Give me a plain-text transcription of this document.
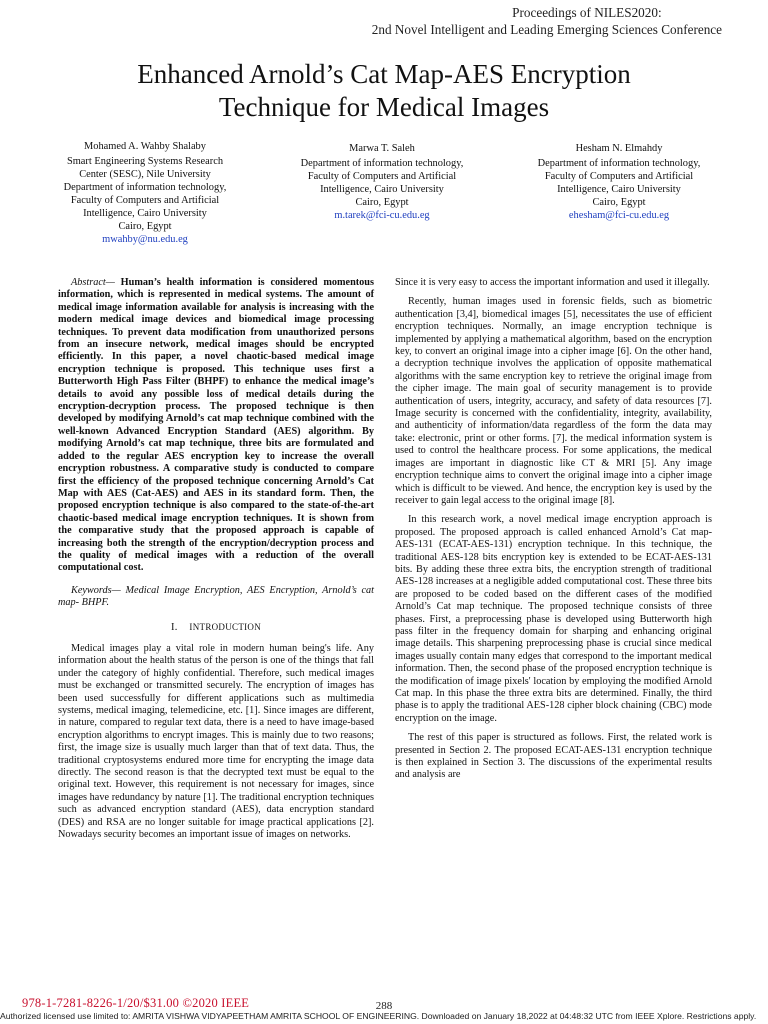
Proceedings of NILES2020:
2nd Novel Intelligent and Leading Emerging Sciences Conference
Enhanced Arnold’s Cat Map-AES Encryption
Technique for Medical Images
Mohamed A. Wahby Shalaby
Smart Engineering Systems Research
Center (SESC), Nile University
Department of information technology,
Faculty of Computers and Artificial
Intelligence, Cairo University
Cairo, Egypt
mwahby@nu.edu.eg
Marwa T. Saleh
Department of information technology,
Faculty of Computers and Artificial
Intelligence, Cairo University
Cairo, Egypt
m.tarek@fci-cu.edu.eg
Hesham N. Elmahdy
Department of information technology,
Faculty of Computers and Artificial
Intelligence, Cairo University
Cairo, Egypt
ehesham@fci-cu.edu.eg

Abstract— Human’s health information is considered momentous information, which is represented in medical systems. The amount of medical image information available for analysis is increasing with the modern medical image devices and biomedical image processing techniques. To prevent data modification from unauthorized persons from an insecure network, medical images should be encrypted efficiently. In this paper, a novel chaotic-based medical image encryption technique is proposed. This technique uses first a Butterworth High Pass Filter (BHPF) to enhance the medical image’s details to avoid any possible loss of medical details during the encryption-decryption process. The proposed technique is then developed by modifying Arnold’s cat map technique combined with the well-known Advanced Encryption Standard (AES) algorithm. By modifying Arnold’s cat map technique, three bits are formulated and added to the regular AES encryption key to increase the overall encryption robustness. A comparative study is conducted to compare first the efficiency of the proposed technique concerning Arnold’s Cat Map with AES (Cat-AES) and AES in its standard form. Then, the proposed encryption technique is also compared to the state-of-the-art chaotic-based medical image encryption techniques. It is shown from the comparative study that the proposed approach is capable of increasing both the strength of the encryption/decryption process and the quality of medical images with a reduction of the overall computational cost.

Keywords— Medical Image Encryption, AES Encryption, Arnold’s cat map- BHPF.

I. INTRODUCTION

Medical images play a vital role in modern human being's life. Any information about the health status of the person is one of the things that fall under the category of highly confidential. Therefore, such medical images must be exchanged or transmitted securely. The encryption of images has been used successfully for different applications such as multimedia systems, medical imaging, telemedicine, etc. [1]. Since images are different, in nature, compared to regular text data, there is a need to have image-based encryption algorithms to encrypt images. This is mainly due to two reasons; first, the image size is usually much larger than that of text data. Thus, the traditional cryptosystems endured more time for encrypting the image data directly. The second reason is that the decrypted text must be equal to the original text. However, this requirement is not necessary for images, since images have redundancy by nature [1]. The traditional encryption techniques such as advanced encryption standard (AES), data encryption standard (DES) and RSA are no longer suitable for image practical applications [2]. Nowadays security becomes an important issue of images on networks.

Since it is very easy to access the important information and used it illegally.

Recently, human images used in forensic fields, such as biometric authentication [3,4], biomedical images [5], necessitates the use of efficient encryption techniques. Normally, an image encryption technique is implemented by applying a mathematical algorithm, based on the encryption key, to convert an original image into a cipher image [6]. On the other hand, a decryption technique involves the application of opposite mathematical algorithms with the same encryption key to retrieve the original image from the cipher image. The main goal of security management is to provide authentication of users, integrity, accuracy, and safety of data resources [7]. Image security is concerned with the confidentiality, integrity, availability, and authenticity of information/data regardless of the form the data may take: electronic, print or other forms. [7]. the medical information system is used to control the healthcare process. For some applications, the medical images are important in diagnostic like CT & MRI [5]. Any image encryption technique aims to convert the original image into a cipher image which is difficult to be viewed. And hence, the encryption key is used by the receiver to gain legal access to the original image [8].

In this research work, a novel medical image encryption approach is proposed. The proposed approach is called enhanced Arnold’s Cat map-AES-131 (ECAT-AES-131) encryption technique. In this technique, the traditional AES-128 bits encryption key is extended to be ECAT-AES-131 bits. By adding these three extra bits, the encryption strength of traditional AES-128 increases at a negligible added computational cost. These three bits are proposed to be coded based on the different cases of the modified Arnold’s Cat map technique. The proposed technique consists of three phases. First, a preprocessing phase is developed using Butterworth high pass filter in the frequency domain for sharping and enhancing original image details. This sharpening preprocessing phase is crucial since medical images usually contain many edges that correspond to the important medical information. Then, the second phase of the proposed encryption technique is the modification of image pixels' location by employing the modified Arnold Cat map. In this phase the three extra bits are determined. Finally, the third phase is to apply the traditional AES-128 cipher block chaining (CBC) mode encryption on the image.

The rest of this paper is structured as follows. First, the related work is presented in Section 2. The proposed ECAT-AES-131 encryption technique is then explained in Section 3. The discussions of the experimental results and analysis are

978-1-7281-8226-1/20/$31.00 ©2020 IEEE	288
Authorized licensed use limited to: AMRITA VISHWA VIDYAPEETHAM AMRITA SCHOOL OF ENGINEERING. Downloaded on January 18,2022 at 04:48:32 UTC from IEEE Xplore. Restrictions apply.
